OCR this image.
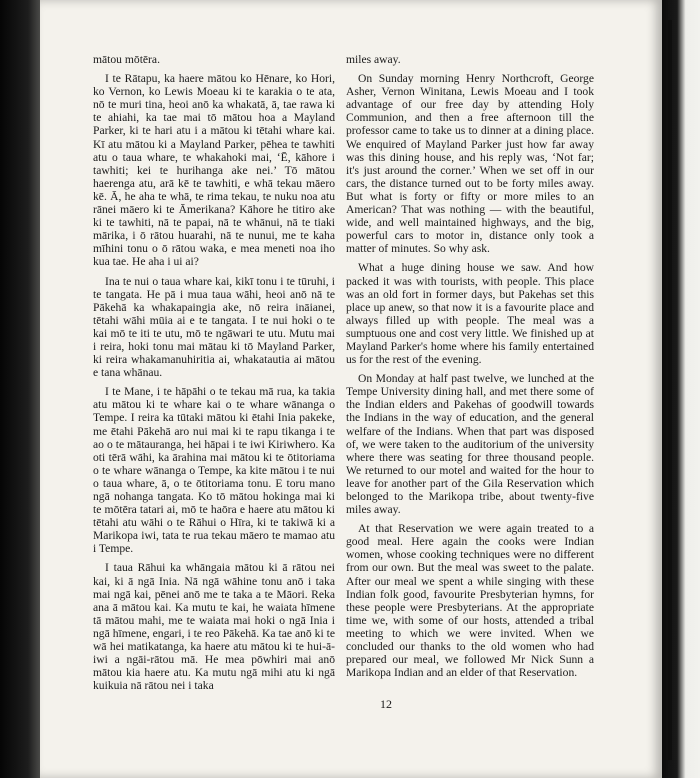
mātou mōtēra.

I te Rātapu, ka haere mātou ko Hēnare, ko Hori, ko Vernon, ko Lewis Moeau ki te karakia o te ata, nō te muri tina, heoi anō ka whakatā, ā, tae rawa ki te ahiahi, ka tae mai tō mātou hoa a Mayland Parker, ki te hari atu i a mātou ki tētahi whare kai. Kī atu mātou ki a Mayland Parker, pēhea te tawhiti atu o taua whare, te whakahoki mai, ‘Ē, kāhore i tawhiti; kei te hurihanga ake nei.’ Tō mātou haerenga atu, arā kē te tawhiti, e whā tekau māero kē. Ā, he aha te whā, te rima tekau, te nuku noa atu rānei māero ki te Āmerikana? Kāhore he titiro ake ki te tawhiti, nā te papai, nā te whānui, nā te tiaki mārika, i ō rātou huarahi, nā te nunui, me te kaha mīhini tonu o ō rātou waka, e mea meneti noa iho kua tae. He aha i ui ai?

Ina te nui o taua whare kai, kikī tonu i te tūruhi, i te tangata. He pā i mua taua wāhi, heoi anō nā te Pākehā ka whakapaingia ake, nō reira ināianei, tētahi wāhi mūia ai e te tangata. I te nui hoki o te kai mō te iti te utu, mō te ngāwari te utu. Mutu mai i reira, hoki tonu mai mātau ki tō Mayland Parker, ki reira whakamanuhiritia ai, whakatautia ai mātou e tana whānau.

I te Mane, i te hāpāhi o te tekau mā rua, ka takia atu mātou ki te whare kai o te whare wānanga o Tempe. I reira ka tūtaki mātou ki ētahi Inia pakeke, me ētahi Pākehā aro nui mai ki te rapu tikanga i te ao o te mātauranga, hei hāpai i te iwi Kiriwhero. Ka oti tērā wāhi, ka ārahina mai mātou ki te ōtitoriama o te whare wānanga o Tempe, ka kite mātou i te nui o taua whare, ā, o te ōtitoriama tonu. E toru mano ngā nohanga tangata. Ko tō mātou hokinga mai ki te mōtēra tatari ai, mō te haōra e haere atu mātou ki tētahi atu wāhi o te Rāhui o Hīra, ki te takiwā ki a Marikopa iwi, tata te rua tekau māero te mamao atu i Tempe.

I taua Rāhui ka whāngaia mātou ki ā rātou nei kai, ki ā ngā Inia. Nā ngā wāhine tonu anō i taka mai ngā kai, pēnei anō me te taka a te Māori. Reka ana ā mātou kai. Ka mutu te kai, he waiata hīmene tā mātou mahi, me te waiata mai hoki o ngā Inia i ngā hīmene, engari, i te reo Pākehā. Ka tae anō ki te wā hei matikatanga, ka haere atu mātou ki te hui-ā-iwi a ngāi-rātou mā. He mea pōwhiri mai anō mātou kia haere atu. Ka mutu ngā mihi atu ki ngā kuikuia nā rātou nei i taka

miles away.

On Sunday morning Henry Northcroft, George Asher, Vernon Winitana, Lewis Moeau and I took advantage of our free day by attending Holy Communion, and then a free afternoon till the professor came to take us to dinner at a dining place. We enquired of Mayland Parker just how far away was this dining house, and his reply was, ‘Not far; it's just around the corner.’ When we set off in our cars, the distance turned out to be forty miles away. But what is forty or fifty or more miles to an American? That was nothing — with the beautiful, wide, and well maintained highways, and the big, powerful cars to motor in, distance only took a matter of minutes. So why ask.

What a huge dining house we saw. And how packed it was with tourists, with people. This place was an old fort in former days, but Pakehas set this place up anew, so that now it is a favourite place and always filled up with people. The meal was a sumptuous one and cost very little. We finished up at Mayland Parker's home where his family entertained us for the rest of the evening.

On Monday at half past twelve, we lunched at the Tempe University dining hall, and met there some of the Indian elders and Pakehas of goodwill towards the Indians in the way of education, and the general welfare of the Indians. When that part was disposed of, we were taken to the auditorium of the university where there was seating for three thousand people. We returned to our motel and waited for the hour to leave for another part of the Gila Reservation which belonged to the Marikopa tribe, about twenty-five miles away.

At that Reservation we were again treated to a good meal. Here again the cooks were Indian women, whose cooking techniques were no different from our own. But the meal was sweet to the palate. After our meal we spent a while singing with these Indian folk good, favourite Presbyterian hymns, for these people were Presbyterians. At the appropriate time we, with some of our hosts, attended a tribal meeting to which we were invited. When we concluded our thanks to the old women who had prepared our meal, we followed Mr Nick Sunn a Marikopa Indian and an elder of that Reservation.

12
